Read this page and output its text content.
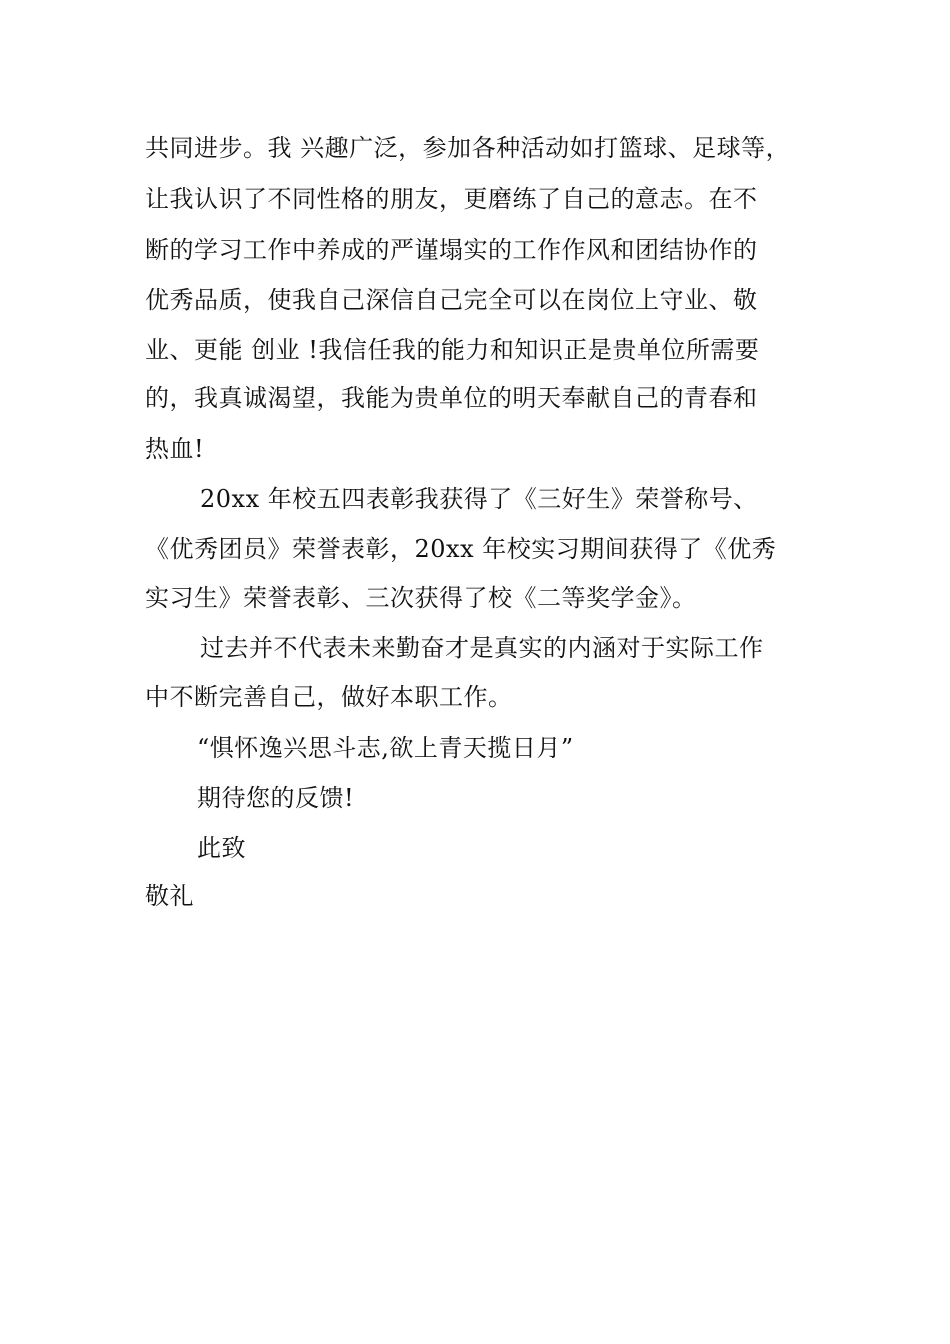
共同进步。我 兴趣广泛，参加各种活动如打篮球、足球等，
让我认识了不同性格的朋友，更磨练了自己的意志。在不
断的学习工作中养成的严谨塌实的工作作风和团结协作的
优秀品质，使我自己深信自己完全可以在岗位上守业、敬
业、更能 创业 !我信任我的能力和知识正是贵单位所需要
的，我真诚渴望，我能为贵单位的明天奉献自己的青春和
热血!
20xx 年校五四表彰我获得了《三好生》荣誉称号、
《优秀团员》荣誉表彰，20xx 年校实习期间获得了《优秀
实习生》荣誉表彰、三次获得了校《二等奖学金》。
过去并不代表未来勤奋才是真实的内涵对于实际工作
中不断完善自己，做好本职工作。
“惧怀逸兴思斗志,欲上青天揽日月”
期待您的反馈!
此致
敬礼
